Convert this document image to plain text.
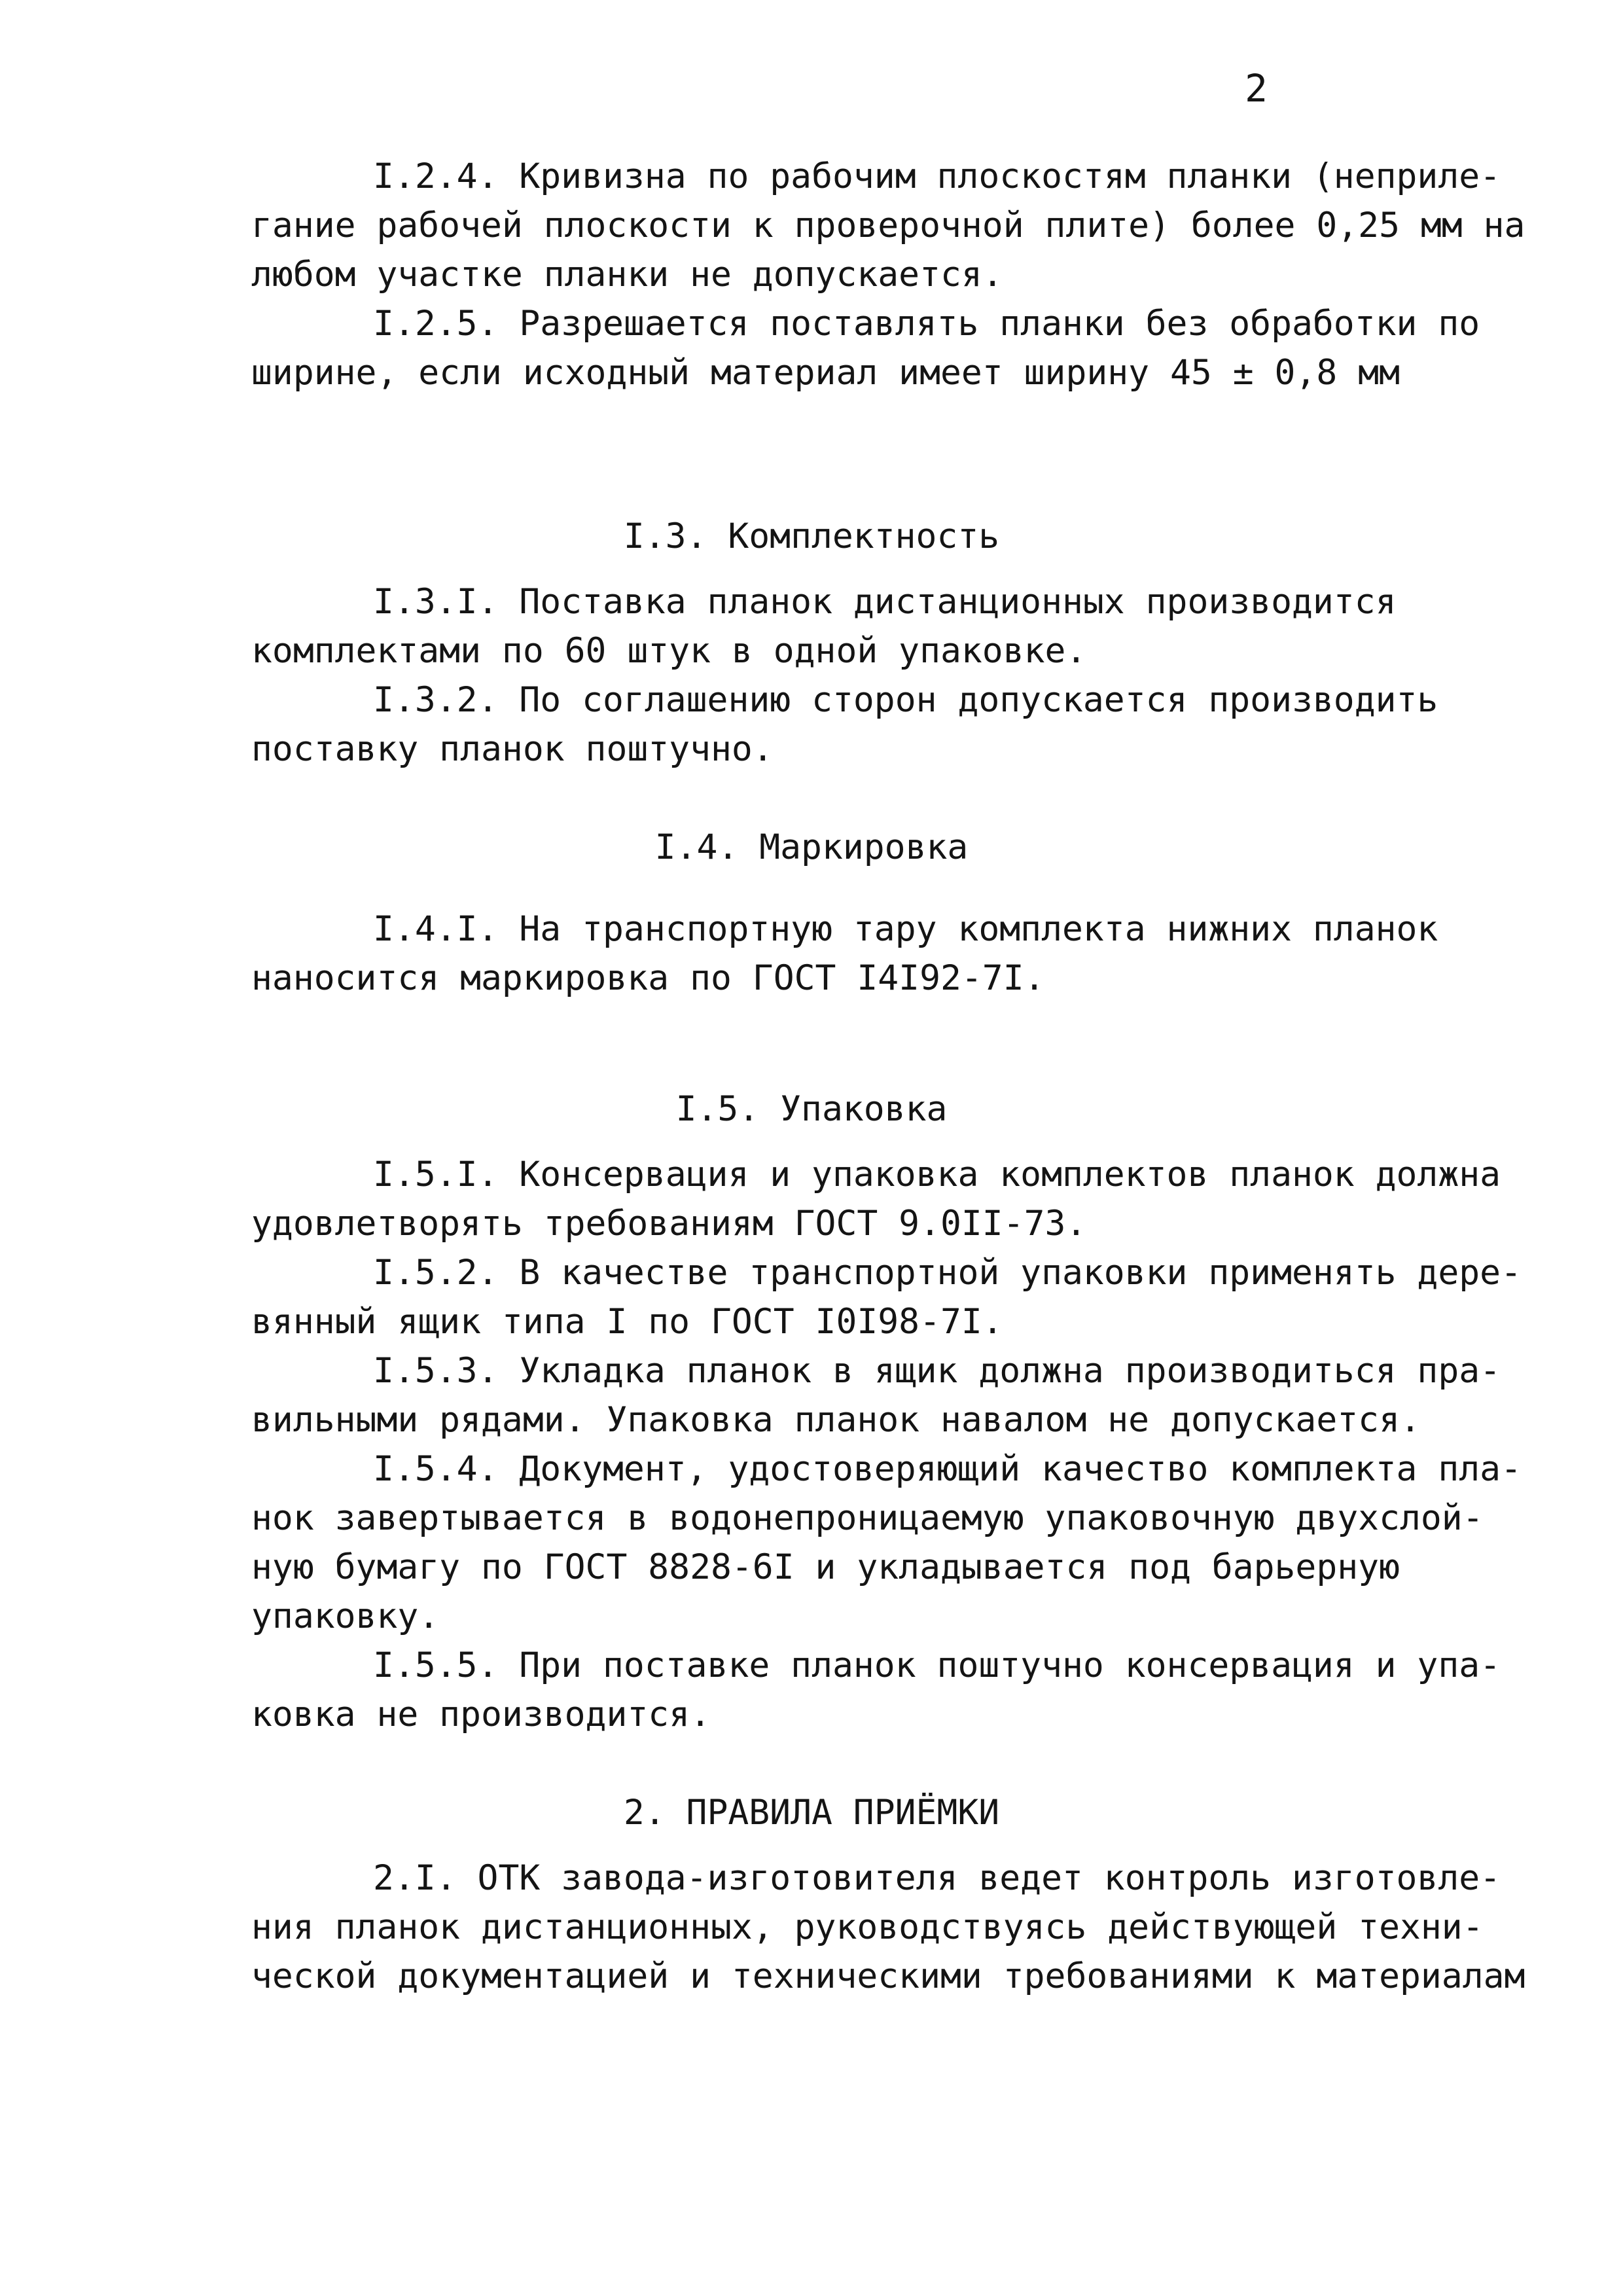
2

I.2.4. Кривизна по рабочим плоскостям планки (неприле-

гание рабочей плоскости к проверочной плите) более 0,25 мм на

любом участке планки не допускается.

I.2.5. Разрешается поставлять планки без обработки по

ширине, если исходный материал имеет ширину 45 ± 0,8 мм

I.3. Комплектность

I.3.I. Поставка планок дистанционных производится

комплектами по 60 штук в одной упаковке.

I.3.2. По соглашению сторон допускается производить

поставку планок поштучно.

I.4. Маркировка

I.4.I. На транспортную тару комплекта нижних планок

наносится маркировка по ГОСТ I4I92-7I.

I.5. Упаковка

I.5.I. Консервация и упаковка комплектов планок должна

удовлетворять требованиям ГОСТ 9.0II-73.

I.5.2. В качестве транспортной упаковки применять дере-

вянный ящик типа I по ГОСТ I0I98-7I.

I.5.3. Укладка планок в ящик должна производиться пра-

вильными рядами. Упаковка планок навалом не допускается.

I.5.4. Документ, удостоверяющий качество комплекта пла-

нок завертывается в водонепроницаемую упаковочную двухслой-

ную бумагу по ГОСТ 8828-6I и укладывается под барьерную

упаковку.

I.5.5. При поставке планок поштучно консервация и упа-

ковка не производится.

2. ПРАВИЛА ПРИЁМКИ

2.I. ОТК завода-изготовителя ведет контроль изготовле-

ния планок дистанционных, руководствуясь действующей техни-

ческой документацией и техническими требованиями к материалам
